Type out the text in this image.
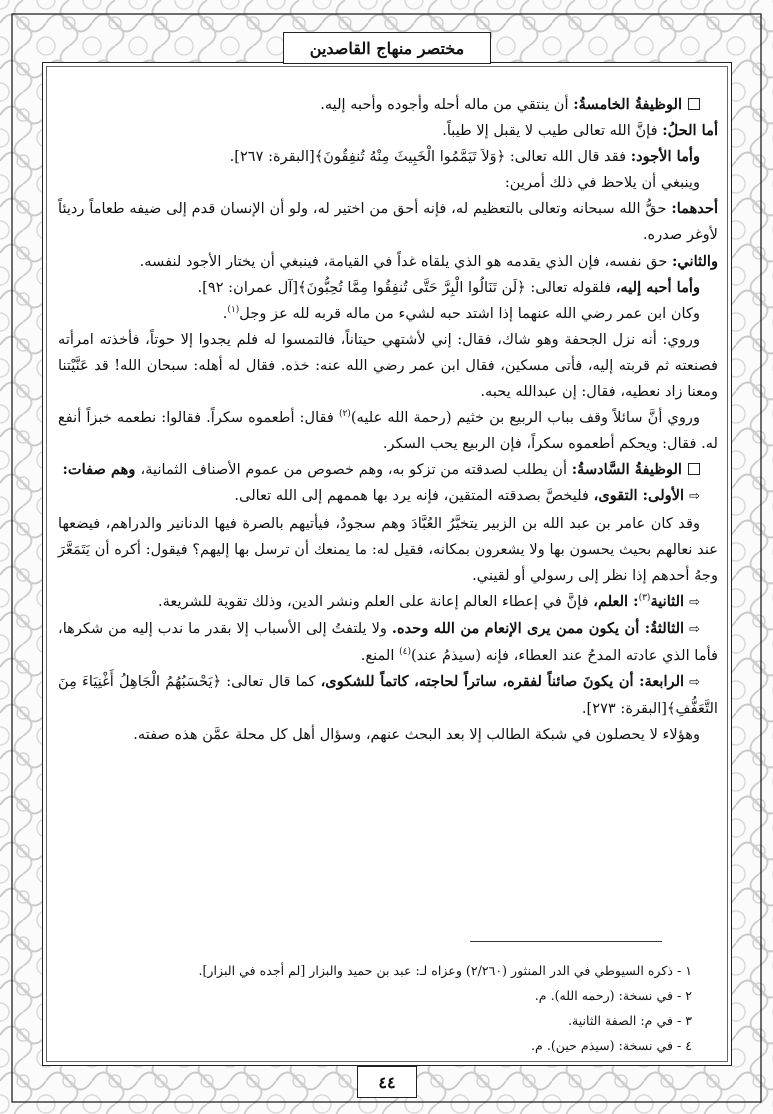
مختصر منهاج القاصدين

الوظيفةُ الخامسةُ: أن ينتقي من ماله أحله وأجوده وأحبه إليه.

أما الحلُ: فإنَّ الله تعالى طيب لا يقبل إلا طيباً.

وأما الأجود: فقد قال الله تعالى: ﴿وَلاَ تَيَمَّمُوا الْخَبِيثَ مِنْهُ تُنفِقُونَ﴾[البقرة: ٢٦٧].

وينبغي أن يلاحظ في ذلك أمرين:

أحدهما: حقُّ الله سبحانه وتعالى بالتعظيم له، فإنه أحق من اختير له، ولو أن الإنسان قدم إلى ضيفه طعاماً رديئاً لأوغر صدره.

والثاني: حق نفسه، فإن الذي يقدمه هو الذي يلقاه غداً في القيامة، فينبغي أن يختار الأجود لنفسه.

وأما أحبه إليه، فلقوله تعالى: ﴿لَن تَنَالُوا الْبِرَّ حَتَّى تُنفِقُوا مِمَّا تُحِبُّونَ﴾[آل عمران: ٩٢].

وكان ابن عمر رضي الله عنهما إذا اشتد حبه لشيء من ماله قربه لله عز وجل$^{(١)}$.

وروي: أنه نزل الجحفة وهو شاك، فقال: إني لأشتهي حيتاناً، فالتمسوا له فلم يجدوا إلا حوتاً، فأخذته امرأته فصنعته ثم قربته إليه، فأتى مسكين، فقال ابن عمر رضي الله عنه: خذه. فقال له أهله: سبحان الله! قد عَنَّيْتنا ومعنا زاد نعطيه، فقال: إن عبدالله يحبه.

وروي أنَّ سائلاً وقف بباب الربيع بن خثيم (رحمة الله عليه)$^{(٢)}$ فقال: أطعموه سكراً. فقالوا: نطعمه خبزاً أنفع له. فقال: ويحكم أطعموه سكراً، فإن الربيع يحب السكر.

الوظيفةُ السَّادسةُ: أن يطلب لصدقته من تزكو به، وهم خصوص من عموم الأصناف الثمانية، وهم صفات:

⇨الأولى: التقوى، فليخصَّ بصدقته المتقين، فإنه يرد بها هممهم إلى الله تعالى.

وقد كان عامر بن عبد الله بن الزبير يتخيَّرُ العُبَّادَ وهم سجودٌ، فيأتيهم بالصرة فيها الدنانير والدراهم، فيضعها عند نعالهم بحيث يحسون بها ولا يشعرون بمكانه، فقيل له: ما يمنعك أن ترسل بها إليهم؟ فيقول: أكره أن يَتَمَعَّرَ وجهُ أحدهم إذا نظر إلى رسولي أو لقيني.

⇨الثانية$^{(٣)}$: العلم، فإنَّ في إعطاء العالم إعانة على العلم ونشر الدين، وذلك تقوية للشريعة.

⇨الثالثةُ: أن يكون ممن يرى الإنعام من الله وحده. ولا يلتفتُ إلى الأسباب إلا بقدر ما ندب إليه من شكرها، فأما الذي عادته المدحُ عند العطاء، فإنه (سيذمُ عند)$^{(٤)}$ المنع.

⇨الرابعة: أن يكونَ صائناً لفقره، ساتراً لحاجته، كاتماً للشكوى، كما قال تعالى: ﴿يَحْسَبُهُمُ الْجَاهِلُ أَغْنِيَاءَ مِنَ التَّعَفُّفِ﴾[البقرة: ٢٧٣].

وهؤلاء لا يحصلون في شبكة الطالب إلا بعد البحث عنهم، وسؤال أهل كل محلة عمَّن هذه صفته.

١ - ذكره السيوطي في الدر المنثور (٢/٢٦٠) وعزاه لـ: عبد بن حميد والبزار [لم أجده في البزار].

٢ - في نسخة: (رحمه الله). م.

٣ - في م: الصفة الثانية.

٤ - في نسخة: (سيذم حين). م.

٤٤
